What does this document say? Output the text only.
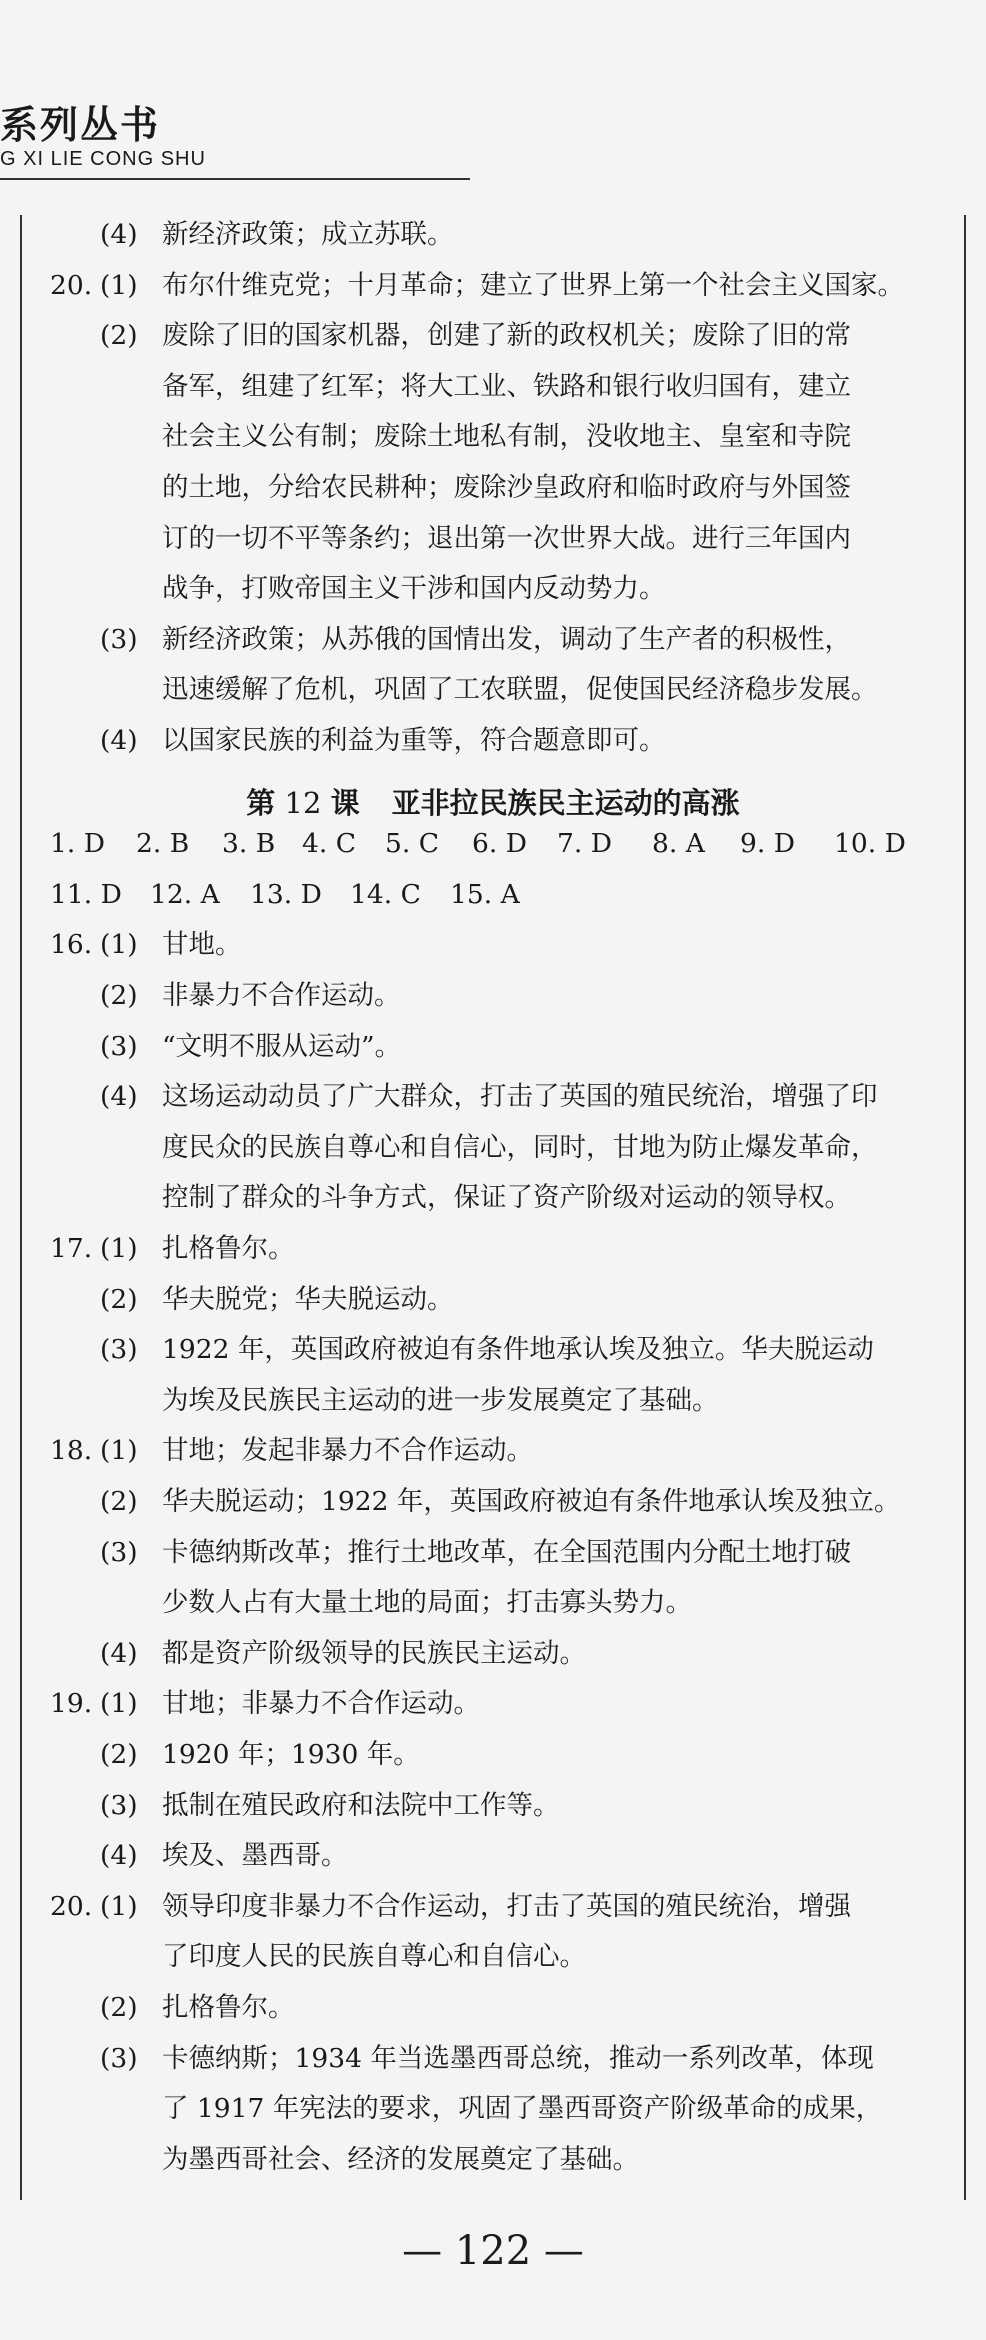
系列丛书
G XI LIE CONG SHU
(4) 新经济政策；成立苏联。
20. (1) 布尔什维克党；十月革命；建立了世界上第一个社会主义国家。
(2) 废除了旧的国家机器，创建了新的政权机关；废除了旧的常
备军，组建了红军；将大工业、铁路和银行收归国有，建立
社会主义公有制；废除土地私有制，没收地主、皇室和寺院
的土地，分给农民耕种；废除沙皇政府和临时政府与外国签
订的一切不平等条约；退出第一次世界大战。进行三年国内
战争，打败帝国主义干涉和国内反动势力。
(3) 新经济政策；从苏俄的国情出发，调动了生产者的积极性，
迅速缓解了危机，巩固了工农联盟，促使国民经济稳步发展。
(4) 以国家民族的利益为重等，符合题意即可。
第 12 课 亚非拉民族民主运动的高涨
1. D 2. B 3. B 4. C 5. C 6. D 7. D 8. A 9. D 10. D
11. D 12. A 13. D 14. C 15. A
16. (1) 甘地。
(2) 非暴力不合作运动。
(3) “文明不服从运动”。
(4) 这场运动动员了广大群众，打击了英国的殖民统治，增强了印
度民众的民族自尊心和自信心，同时，甘地为防止爆发革命，
控制了群众的斗争方式，保证了资产阶级对运动的领导权。
17. (1) 扎格鲁尔。
(2) 华夫脱党；华夫脱运动。
(3) 1922 年，英国政府被迫有条件地承认埃及独立。华夫脱运动
为埃及民族民主运动的进一步发展奠定了基础。
18. (1) 甘地；发起非暴力不合作运动。
(2) 华夫脱运动；1922 年，英国政府被迫有条件地承认埃及独立。
(3) 卡德纳斯改革；推行土地改革，在全国范围内分配土地打破
少数人占有大量土地的局面；打击寡头势力。
(4) 都是资产阶级领导的民族民主运动。
19. (1) 甘地；非暴力不合作运动。
(2) 1920 年；1930 年。
(3) 抵制在殖民政府和法院中工作等。
(4) 埃及、墨西哥。
20. (1) 领导印度非暴力不合作运动，打击了英国的殖民统治，增强
了印度人民的民族自尊心和自信心。
(2) 扎格鲁尔。
(3) 卡德纳斯；1934 年当选墨西哥总统，推动一系列改革，体现
了 1917 年宪法的要求，巩固了墨西哥资产阶级革命的成果，
为墨西哥社会、经济的发展奠定了基础。
— 122 —
